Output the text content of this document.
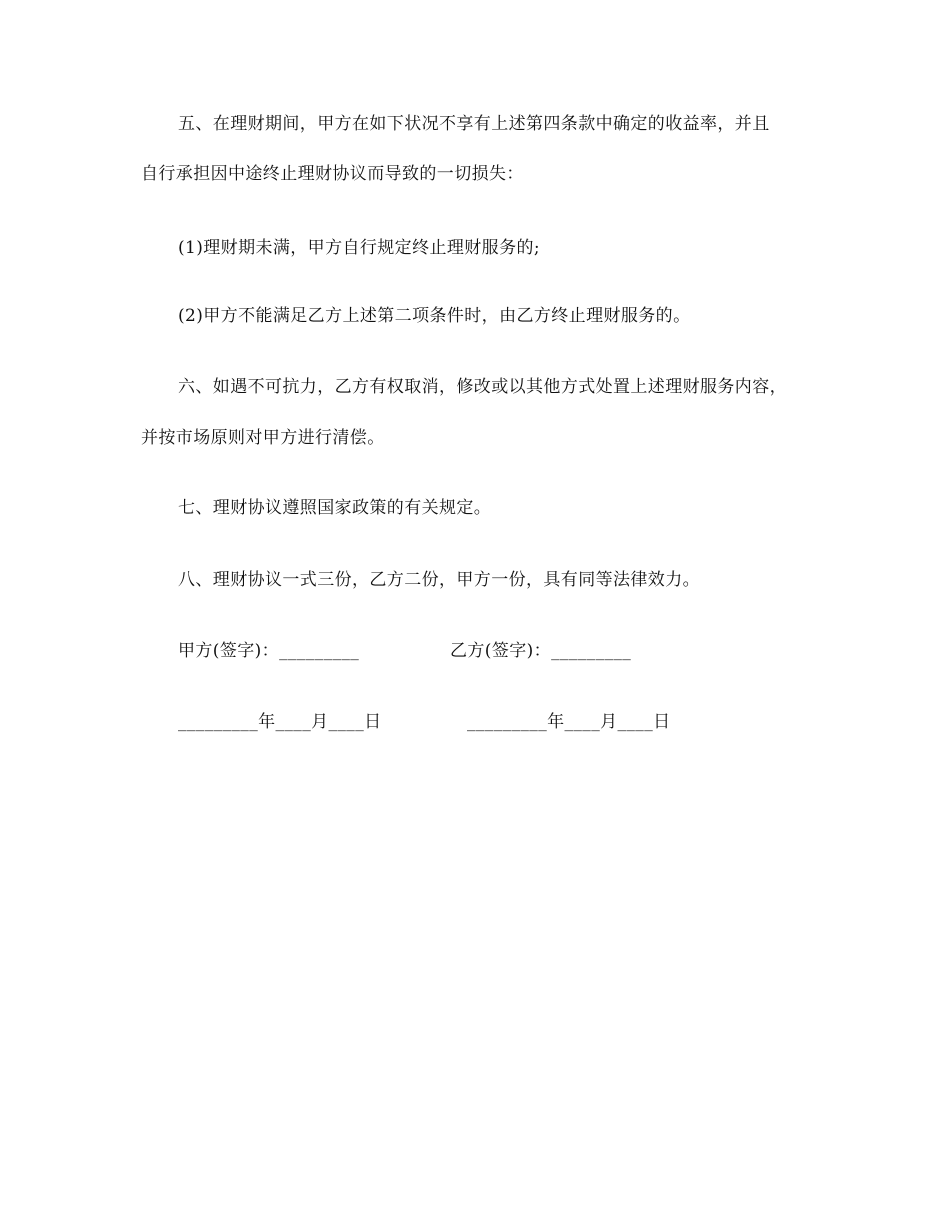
五、在理财期间，甲方在如下状况不享有上述第四条款中确定的收益率，并且
自行承担因中途终止理财协议而导致的一切损失：
(1)理财期未满，甲方自行规定终止理财服务的;
(2)甲方不能满足乙方上述第二项条件时，由乙方终止理财服务的。
六、如遇不可抗力，乙方有权取消，修改或以其他方式处置上述理财服务内容，
并按市场原则对甲方进行清偿。
七、理财协议遵照国家政策的有关规定。
八、理财协议一式三份，乙方二份，甲方一份，具有同等法律效力。
甲方(签字)：_________	乙方(签字)：_________
_________年____月____日	_________年____月____日
